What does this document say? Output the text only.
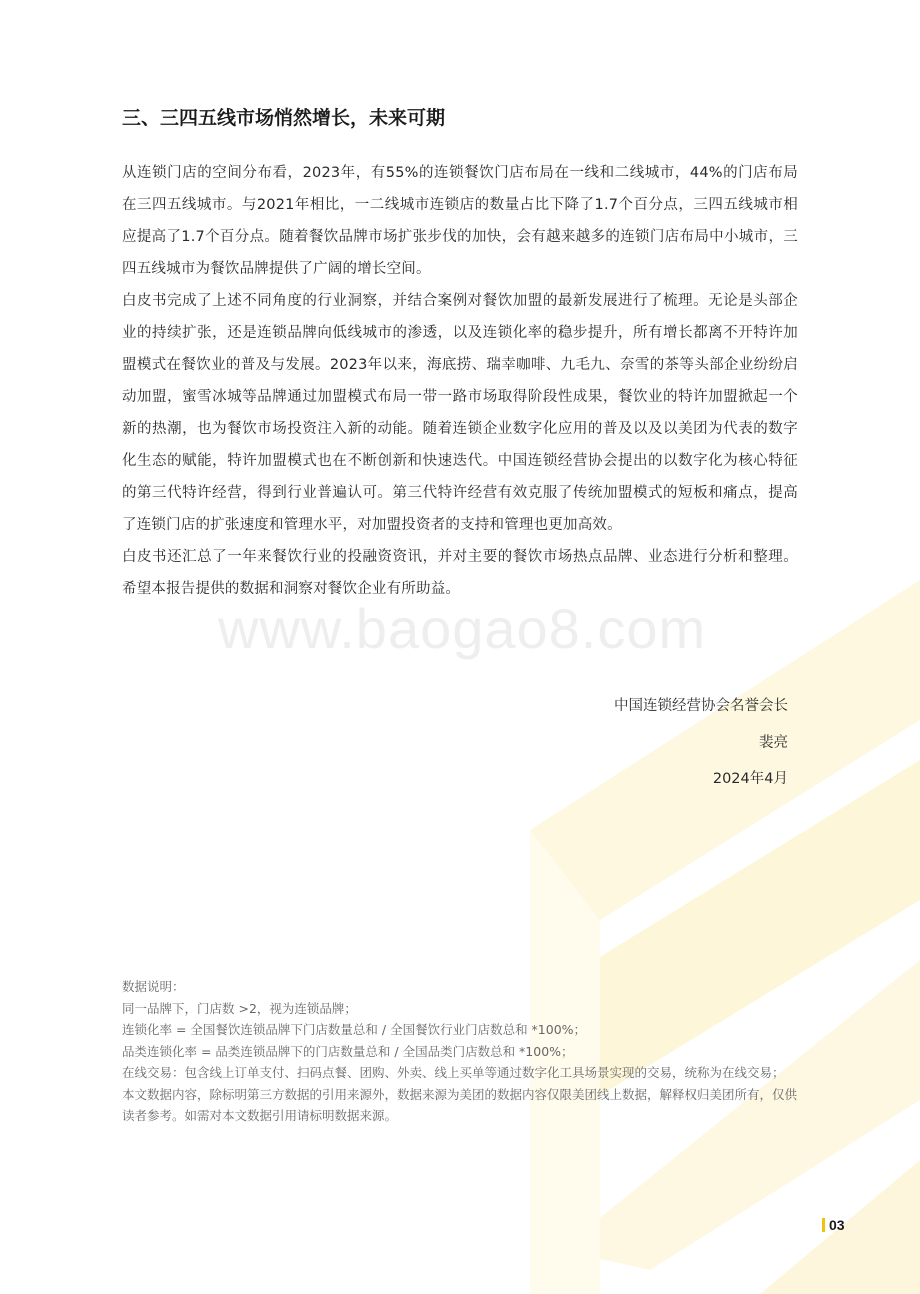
www.baogao8.com
三、三四五线市场悄然增长，未来可期

从连锁门店的空间分布看，2023年，有55%的连锁餐饮门店布局在一线和二线城市，44%的门店布局在三四五线城市。与2021年相比，一二线城市连锁店的数量占比下降了1.7个百分点，三四五线城市相应提高了1.7个百分点。随着餐饮品牌市场扩张步伐的加快，会有越来越多的连锁门店布局中小城市，三四五线城市为餐饮品牌提供了广阔的增长空间。

白皮书完成了上述不同角度的行业洞察，并结合案例对餐饮加盟的最新发展进行了梳理。无论是头部企业的持续扩张，还是连锁品牌向低线城市的渗透，以及连锁化率的稳步提升，所有增长都离不开特许加盟模式在餐饮业的普及与发展。2023年以来，海底捞、瑞幸咖啡、九毛九、奈雪的茶等头部企业纷纷启动加盟，蜜雪冰城等品牌通过加盟模式布局一带一路市场取得阶段性成果，餐饮业的特许加盟掀起一个新的热潮，也为餐饮市场投资注入新的动能。随着连锁企业数字化应用的普及以及以美团为代表的数字化生态的赋能，特许加盟模式也在不断创新和快速迭代。中国连锁经营协会提出的以数字化为核心特征的第三代特许经营，得到行业普遍认可。第三代特许经营有效克服了传统加盟模式的短板和痛点，提高了连锁门店的扩张速度和管理水平，对加盟投资者的支持和管理也更加高效。

白皮书还汇总了一年来餐饮行业的投融资资讯，并对主要的餐饮市场热点品牌、业态进行分析和整理。希望本报告提供的数据和洞察对餐饮企业有所助益。

中国连锁经营协会名誉会长
裴亮
2024年4月

数据说明：

同一品牌下，门店数 >2，视为连锁品牌；

连锁化率 = 全国餐饮连锁品牌下门店数量总和 / 全国餐饮行业门店数总和 *100%；

品类连锁化率 = 品类连锁品牌下的门店数量总和 / 全国品类门店数总和 *100%；

在线交易：包含线上订单支付、扫码点餐、团购、外卖、线上买单等通过数字化工具场景实现的交易，统称为在线交易；

本文数据内容，除标明第三方数据的引用来源外，数据来源为美团的数据内容仅限美团线上数据，解释权归美团所有，仅供读者参考。如需对本文数据引用请标明数据来源。

03
